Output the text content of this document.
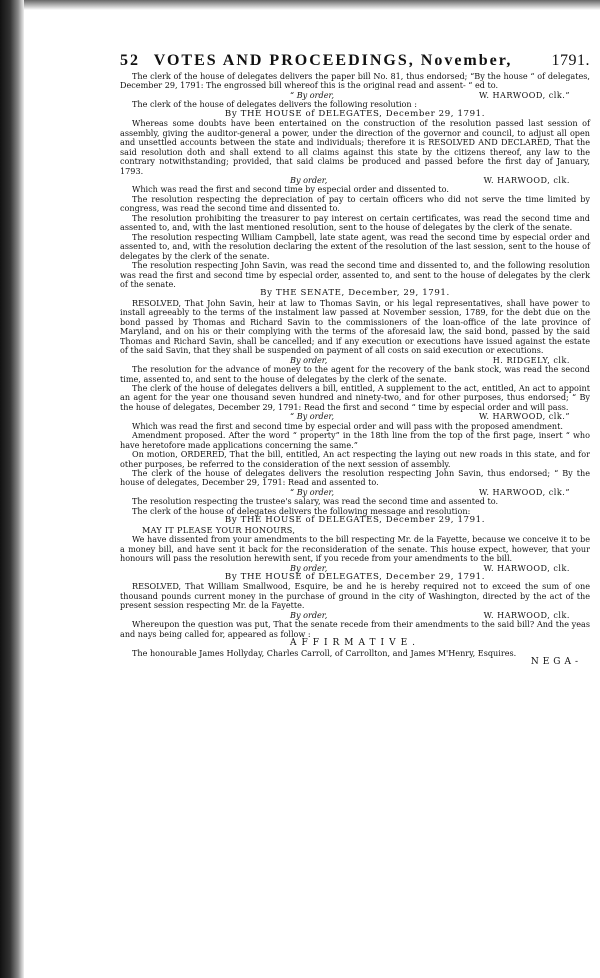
52 VOTES AND PROCEEDINGS, November, 1791.

The clerk of the house of delegates delivers the paper bill No. 81, thus endorsed; “By the house “ of delegates, December 29, 1791: The engrossed bill whereof this is the original read and assent- “ ed to.

“ By order,	W. HARWOOD, clk.”

The clerk of the house of delegates delivers the following resolution :

By THE HOUSE of DELEGATES, December 29, 1791.

Whereas some doubts have been entertained on the construction of the resolution passed last session of assembly, giving the auditor-general a power, under the direction of the governor and council, to adjust all open and unsettled accounts between the state and individuals; therefore it is RESOLVED AND DECLARED, That the said resolution doth and shall extend to all claims against this state by the citizens thereof, any law to the contrary notwithstanding; provided, that said claims be produced and passed before the first day of January, 1793.

By order,	W. HARWOOD, clk.

Which was read the first and second time by especial order and dissented to.

The resolution respecting the depreciation of pay to certain officers who did not serve the time limited by congress, was read the second time and dissented to.

The resolution prohibiting the treasurer to pay interest on certain certificates, was read the second time and assented to, and, with the last mentioned resolution, sent to the house of delegates by the clerk of the senate.

The resolution respecting William Campbell, late state agent, was read the second time by especial order and assented to, and, with the resolution declaring the extent of the resolution of the last session, sent to the house of delegates by the clerk of the senate.

The resolution respecting John Savin, was read the second time and dissented to, and the following resolution was read the first and second time by especial order, assented to, and sent to the house of delegates by the clerk of the senate.

By THE SENATE, December, 29, 1791.

RESOLVED, That John Savin, heir at law to Thomas Savin, or his legal representatives, shall have power to install agreeably to the terms of the instalment law passed at November session, 1789, for the debt due on the bond passed by Thomas and Richard Savin to the commissioners of the loan-office of the late province of Maryland, and on his or their complying with the terms of the aforesaid law, the said bond, passed by the said Thomas and Richard Savin, shall be cancelled; and if any execution or executions have issued against the estate of the said Savin, that they shall be suspended on payment of all costs on said execution or executions.

By order,	H. RIDGELY, clk.

The resolution for the advance of money to the agent for the recovery of the bank stock, was read the second time, assented to, and sent to the house of delegates by the clerk of the senate.

The clerk of the house of delegates delivers a bill, entitled, A supplement to the act, entitled, An act to appoint an agent for the year one thousand seven hundred and ninety-two, and for other purposes, thus endorsed; “ By the house of delegates, December 29, 1791: Read the first and second “ time by especial order and will pass.

“ By order,	W. HARWOOD, clk.”

Which was read the first and second time by especial order and will pass with the proposed amendment.

Amendment proposed. After the word “ property” in the 18th line from the top of the first page, insert “ who have heretofore made applications concerning the same.”

On motion, ORDERED, That the bill, entitled, An act respecting the laying out new roads in this state, and for other purposes, be referred to the consideration of the next session of assembly.

The clerk of the house of delegates delivers the resolution respecting John Savin, thus endorsed; “ By the house of delegates, December 29, 1791: Read and assented to.

“ By order,	W. HARWOOD, clk.”

The resolution respecting the trustee's salary, was read the second time and assented to.

The clerk of the house of delegates delivers the following message and resolution:

By THE HOUSE of DELEGATES, December 29, 1791.

MAY IT PLEASE YOUR HONOURS,

We have dissented from your amendments to the bill respecting Mr. de la Fayette, because we conceive it to be a money bill, and have sent it back for the reconsideration of the senate. This house expect, however, that your honours will pass the resolution herewith sent, if you recede from your amendments to the bill.

By order,	W. HARWOOD, clk.

By THE HOUSE of DELEGATES, December 29, 1791.

RESOLVED, That William Smallwood, Esquire, be and he is hereby required not to exceed the sum of one thousand pounds current money in the purchase of ground in the city of Washington, directed by the act of the present session respecting Mr. de la Fayette.

By order,	W. HARWOOD, clk.

Whereupon the question was put, That the senate recede from their amendments to the said bill? And the yeas and nays being called for, appeared as follow :

AFFIRMATIVE.

The honourable James Hollyday, Charles Carroll, of Carrollton, and James M'Henry, Esquires.

NEGA-
